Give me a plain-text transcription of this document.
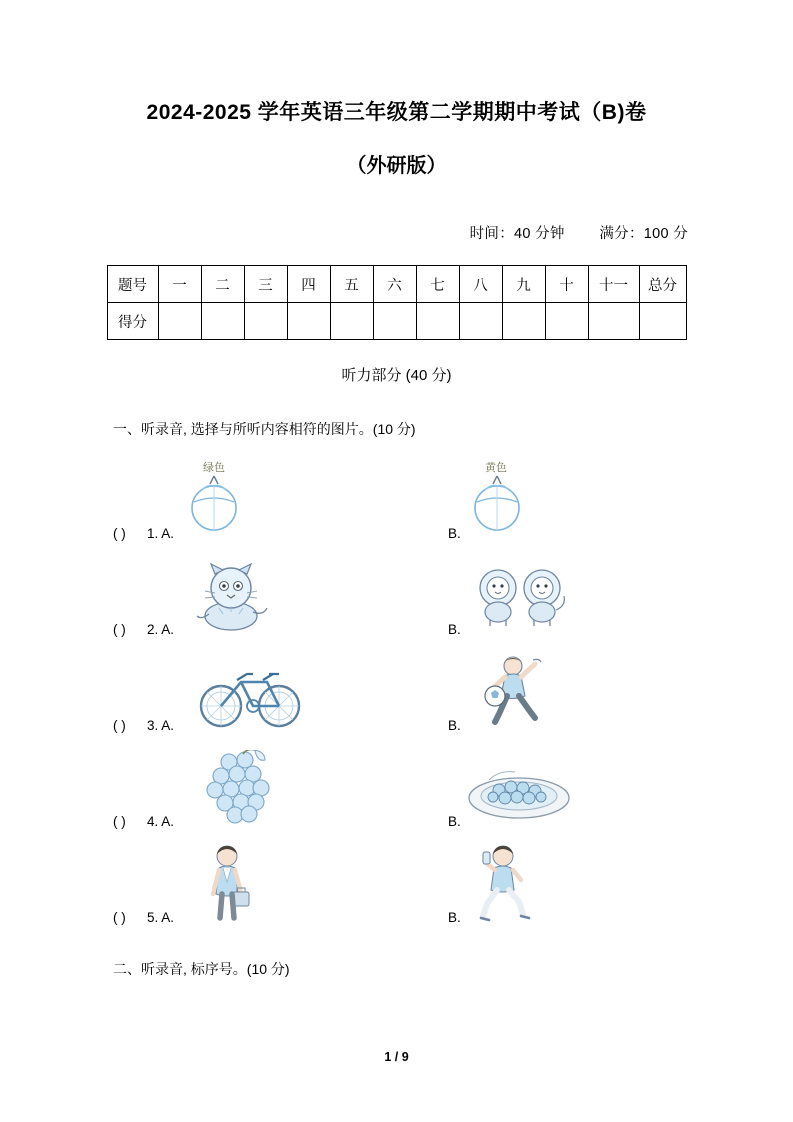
2024-2025 学年英语三年级第二学期期中考试（B)卷
（外研版）
时间：40 分钟 满分：100 分
题号	一	二	三	四	五	六	七	八	九	十	十一	总分
得分												
听力部分 (40 分)
一、听录音, 选择与所听内容相符的图片。(10 分)
绿色	黄色
( ) 1. A.	B.
( ) 2. A.	B.
( ) 3. A.	B.
( ) 4. A.	B.
( ) 5. A.	B.
二、听录音, 标序号。(10 分)
1 / 9
